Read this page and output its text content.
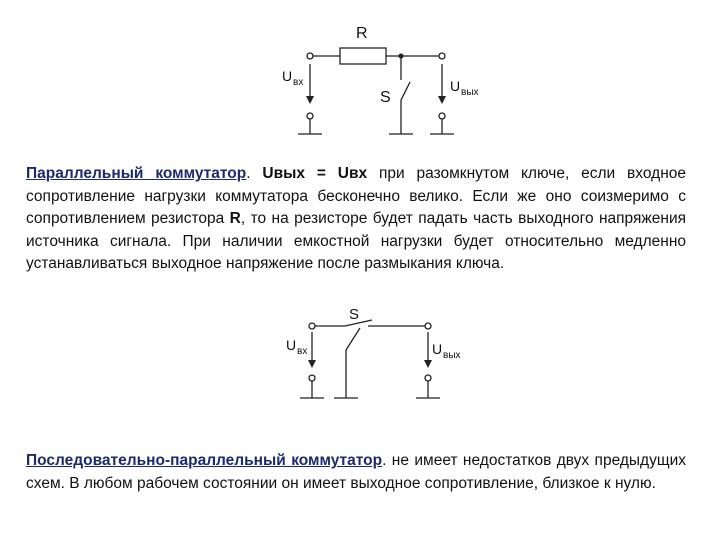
R
S
U вх	U вых
Параллельный коммутатор. Uвых = Uвх при разомкнутом ключе, если входное сопротивление нагрузки коммутатора бесконечно велико. Если же оно соизмеримо с сопротивлением резистора R, то на резисторе будет падать часть выходного напряжения источника сигнала. При наличии емкостной нагрузки будет относительно медленно устанавливаться выходное напряжение после размыкания ключа.
S
U вх	U вых
Последовательно-параллельный коммутатор. не имеет недостатков двух предыдущих схем. В любом рабочем состоянии он имеет выходное сопротивление, близкое к нулю.
